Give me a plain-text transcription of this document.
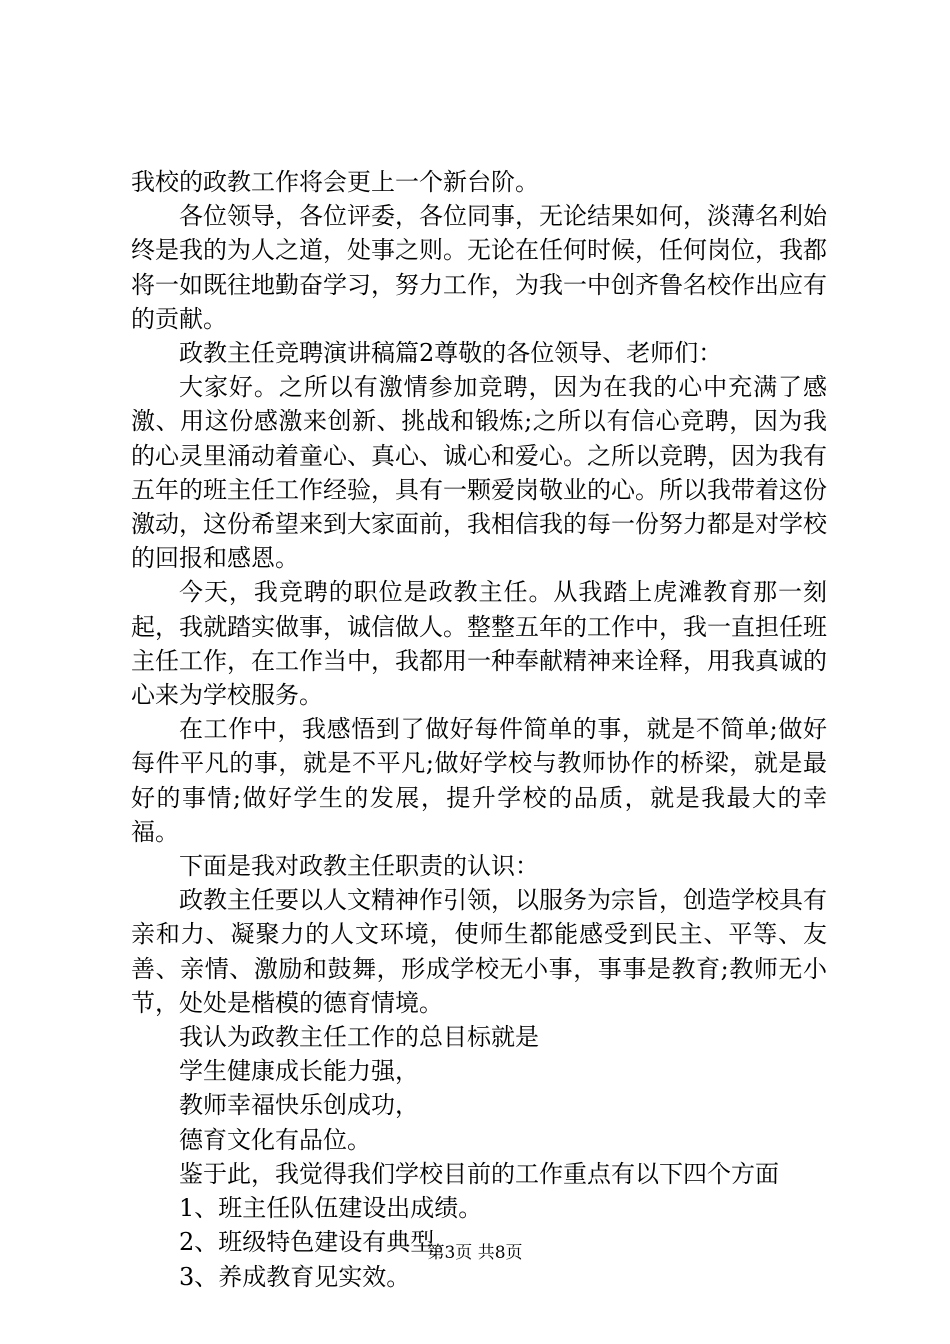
我校的政教工作将会更上一个新台阶。

各位领导，各位评委，各位同事，无论结果如何，淡薄名利始终是我的为人之道，处事之则。无论在任何时候，任何岗位，我都将一如既往地勤奋学习，努力工作，为我一中创齐鲁名校作出应有的贡献。

政教主任竞聘演讲稿篇2尊敬的各位领导、老师们：

大家好。之所以有激情参加竞聘，因为在我的心中充满了感激、用这份感激来创新、挑战和锻炼;之所以有信心竞聘，因为我的心灵里涌动着童心、真心、诚心和爱心。之所以竞聘，因为我有五年的班主任工作经验，具有一颗爱岗敬业的心。所以我带着这份激动，这份希望来到大家面前，我相信我的每一份努力都是对学校的回报和感恩。

今天，我竞聘的职位是政教主任。从我踏上虎滩教育那一刻起，我就踏实做事，诚信做人。整整五年的工作中，我一直担任班主任工作，在工作当中，我都用一种奉献精神来诠释，用我真诚的心来为学校服务。

在工作中，我感悟到了做好每件简单的事，就是不简单;做好每件平凡的事，就是不平凡;做好学校与教师协作的桥梁，就是最好的事情;做好学生的发展，提升学校的品质，就是我最大的幸福。

下面是我对政教主任职责的认识：

政教主任要以人文精神作引领，以服务为宗旨，创造学校具有亲和力、凝聚力的人文环境，使师生都能感受到民主、平等、友善、亲情、激励和鼓舞，形成学校无小事，事事是教育;教师无小节，处处是楷模的德育情境。

我认为政教主任工作的总目标就是

学生健康成长能力强，

教师幸福快乐创成功，

德育文化有品位。

鉴于此，我觉得我们学校目前的工作重点有以下四个方面

1、班主任队伍建设出成绩。

2、班级特色建设有典型。

3、养成教育见实效。

第3页 共8页
